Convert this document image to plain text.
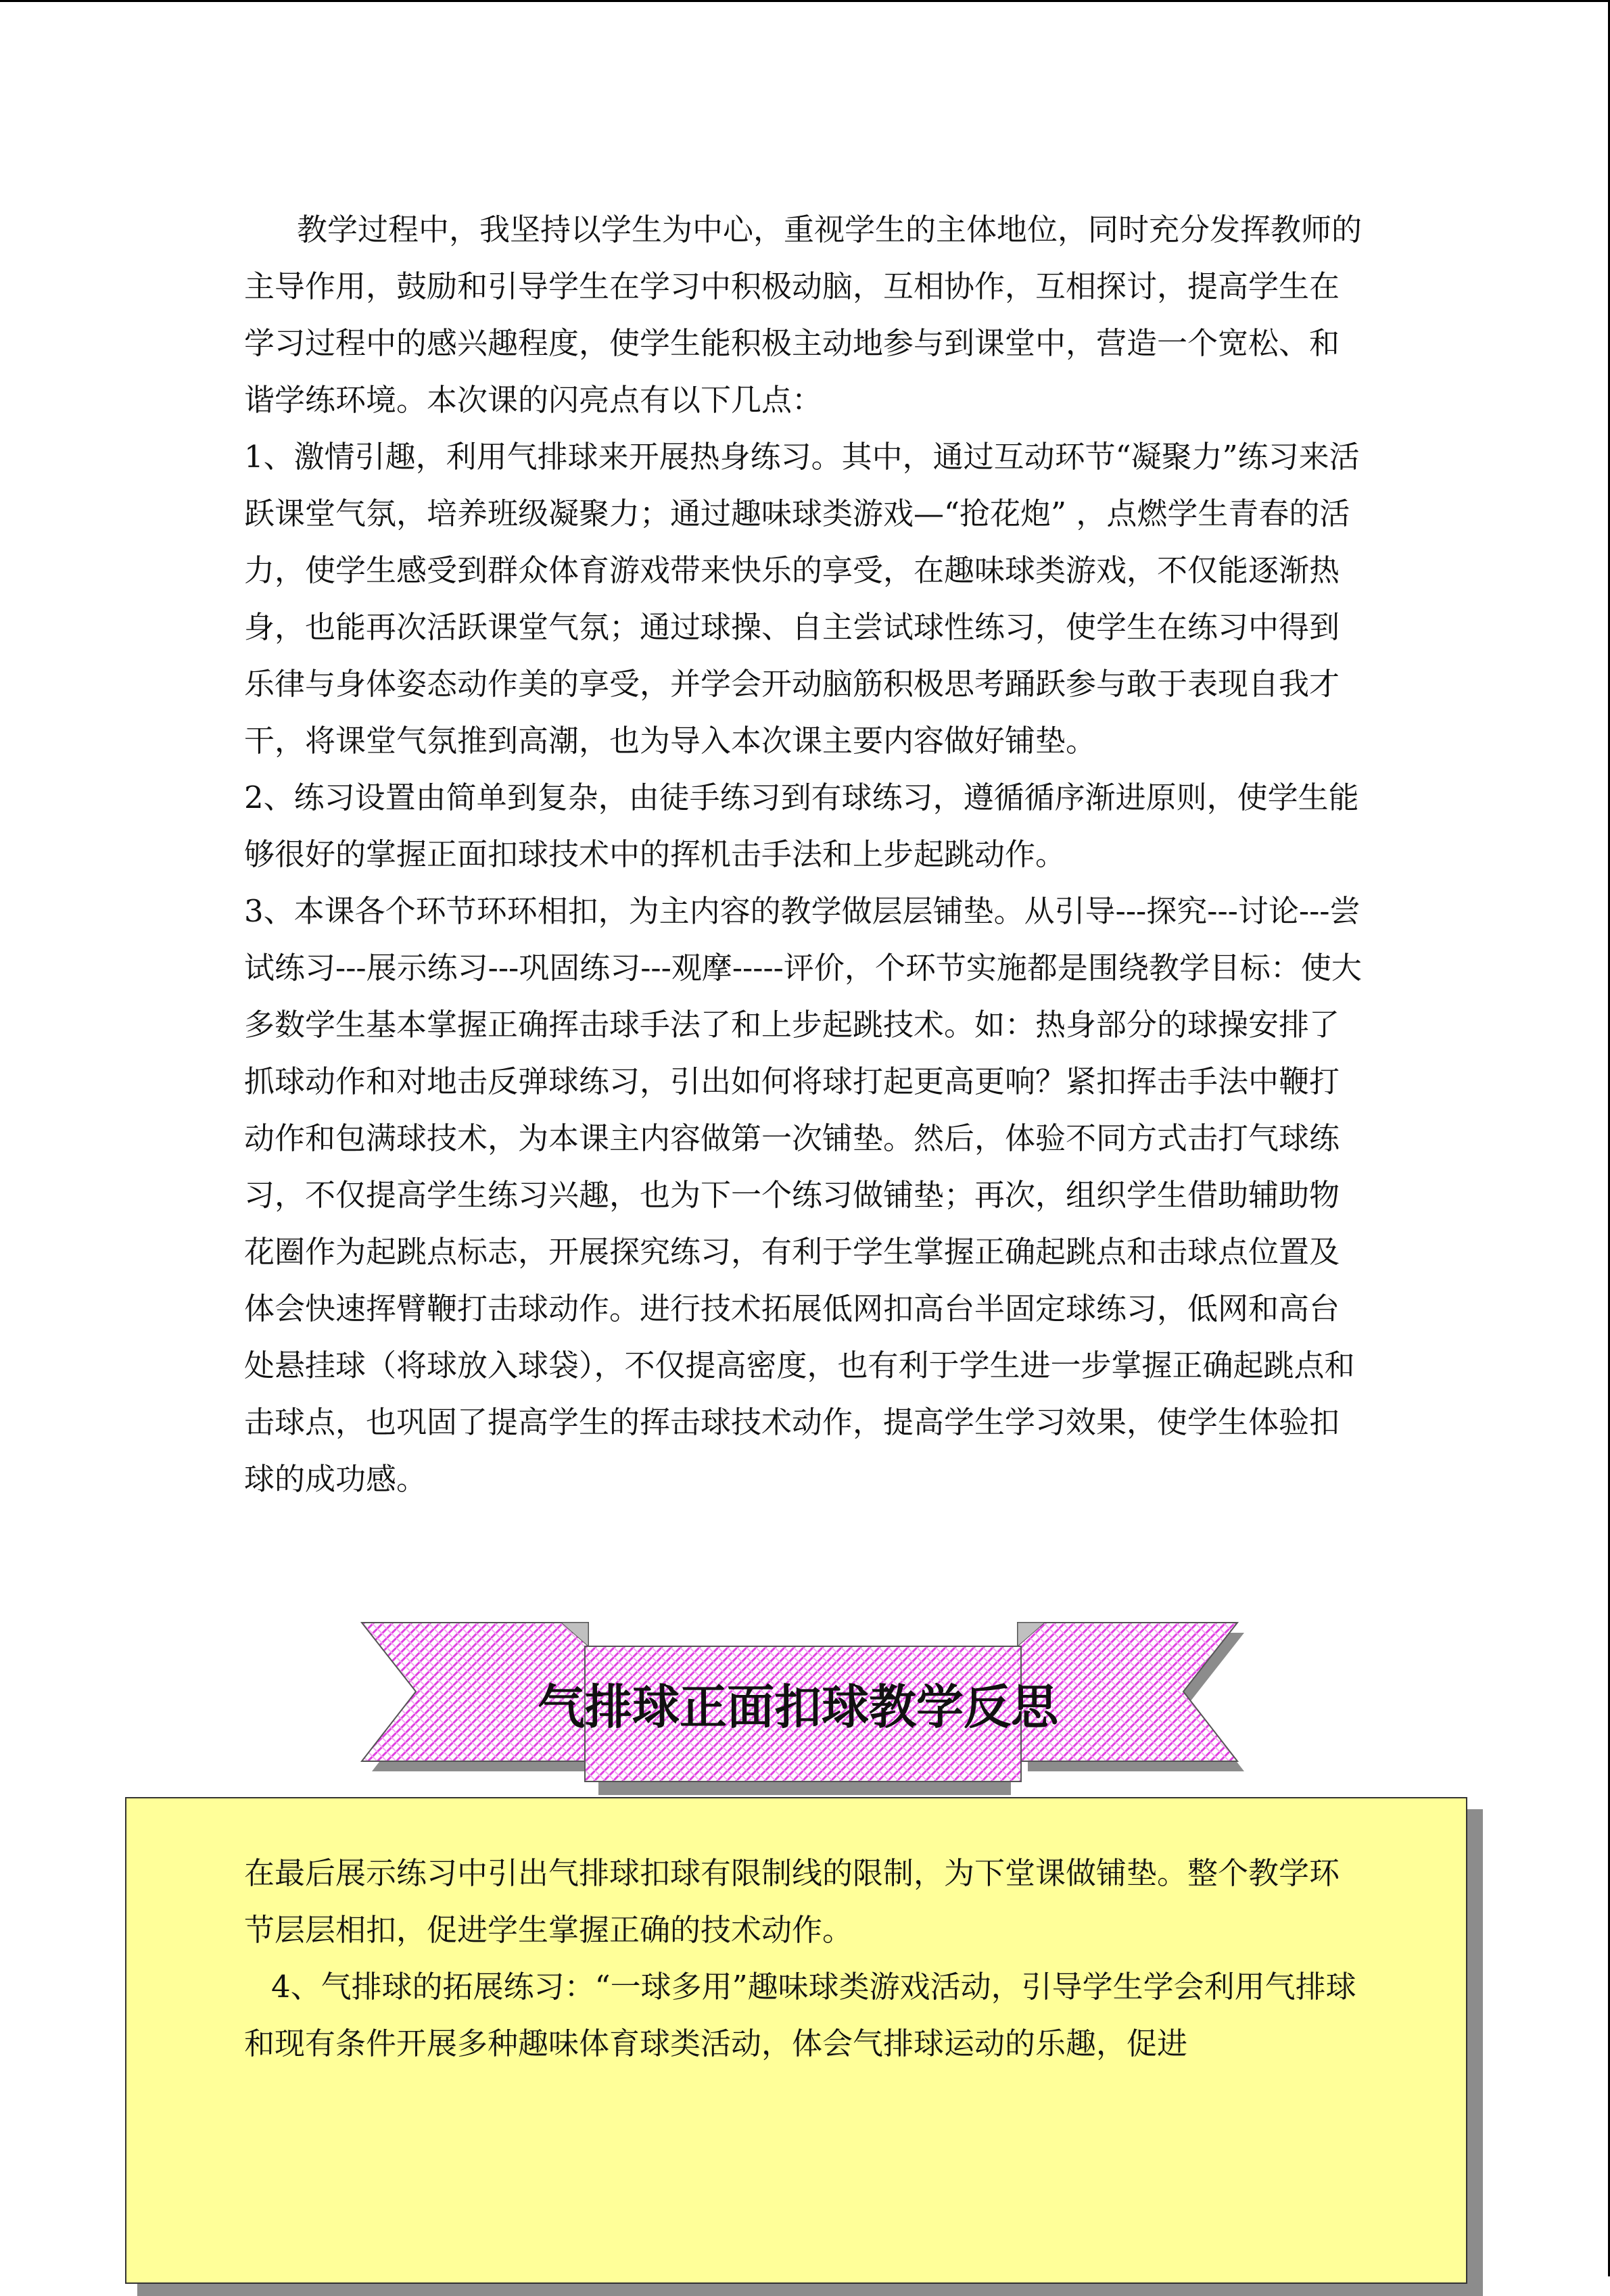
教学过程中，我坚持以学生为中心，重视学生的主体地位，同时充分发挥教师的主导作用，鼓励和引导学生在学习中积极动脑，互相协作，互相探讨，提高学生在学习过程中的感兴趣程度，使学生能积极主动地参与到课堂中，营造一个宽松、和谐学练环境。本次课的闪亮点有以下几点：

1、激情引趣，利用气排球来开展热身练习。其中，通过互动环节“凝聚力”练习来活跃课堂气氛，培养班级凝聚力；通过趣味球类游戏—“抢花炮” ，点燃学生青春的活力，使学生感受到群众体育游戏带来快乐的享受，在趣味球类游戏，不仅能逐渐热身，也能再次活跃课堂气氛；通过球操、自主尝试球性练习，使学生在练习中得到乐律与身体姿态动作美的享受，并学会开动脑筋积极思考踊跃参与敢于表现自我才干，将课堂气氛推到高潮，也为导入本次课主要内容做好铺垫。

2、练习设置由简单到复杂，由徒手练习到有球练习，遵循循序渐进原则，使学生能够很好的掌握正面扣球技术中的挥机击手法和上步起跳动作。

3、本课各个环节环环相扣，为主内容的教学做层层铺垫。从引导---探究---讨论---尝试练习---展示练习---巩固练习---观摩-----评价，个环节实施都是围绕教学目标：使大多数学生基本掌握正确挥击球手法了和上步起跳技术。如：热身部分的球操安排了抓球动作和对地击反弹球练习，引出如何将球打起更高更响？紧扣挥击手法中鞭打动作和包满球技术，为本课主内容做第一次铺垫。然后，体验不同方式击打气球练习，不仅提高学生练习兴趣，也为下一个练习做铺垫；再次，组织学生借助辅助物花圈作为起跳点标志，开展探究练习，有利于学生掌握正确起跳点和击球点位置及体会快速挥臂鞭打击球动作。进行技术拓展低网扣高台半固定球练习，低网和高台处悬挂球（将球放入球袋），不仅提高密度，也有利于学生进一步掌握正确起跳点和击球点，也巩固了提高学生的挥击球技术动作，提高学生学习效果，使学生体验扣球的成功感。

气排球正面扣球教学反思

在最后展示练习中引出气排球扣球有限制线的限制，为下堂课做铺垫。整个教学环节层层相扣，促进学生掌握正确的技术动作。

4、气排球的拓展练习：“一球多用”趣味球类游戏活动，引导学生学会利用气排球和现有条件开展多种趣味体育球类活动，体会气排球运动的乐趣，促进
